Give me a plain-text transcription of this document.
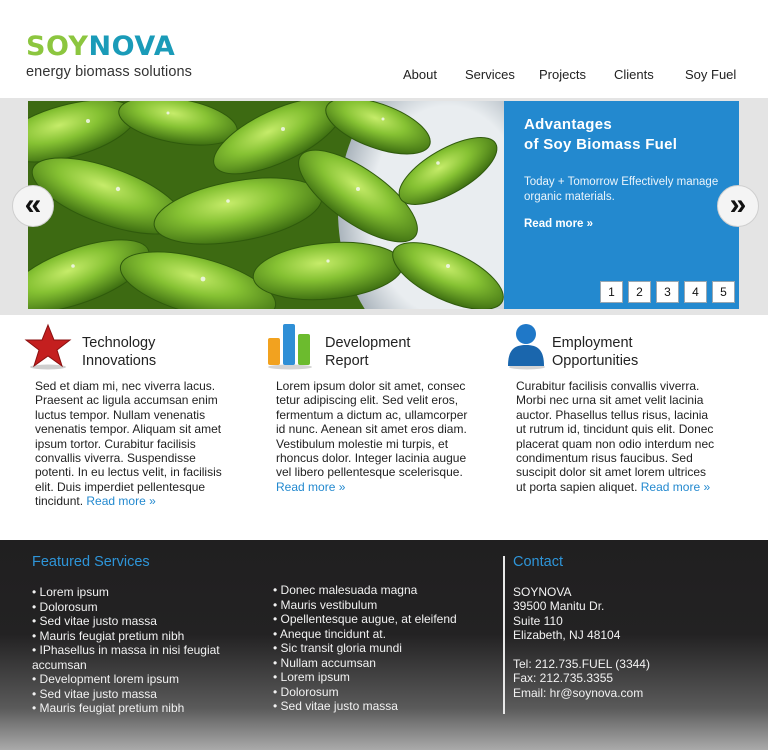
SOYNOVA
energy biomass solutions	About Services Projects Clients Soy Fuel
Advantages
of Soy Biomass Fuel
Today + Tomorrow Effectively manage organic materials.
Read more »
1 2 3 4 5
«	»
Technology
Innovations
Sed et diam mi, nec viverra lacus. Praesent ac ligula accumsan enim luctus tempor. Nullam venenatis venenatis tempor. Aliquam sit amet ipsum tortor. Curabitur facilisis convallis viverra. Suspendisse potenti. In eu lectus velit, in facilisis elit. Duis imperdiet pellentesque tincidunt. Read more »
Development
Report
Lorem ipsum dolor sit amet, consec tetur adipiscing elit. Sed velit eros, fermentum a dictum ac, ullamcorper id nunc. Aenean sit amet eros diam. Vestibulum molestie mi turpis, et rhoncus dolor. Integer lacinia augue vel libero pellentesque scelerisque.
Read more »
Employment
Opportunities
Curabitur facilisis convallis viverra. Morbi nec urna sit amet velit lacinia auctor. Phasellus tellus risus, lacinia ut rutrum id, tincidunt quis elit. Donec placerat quam non odio interdum nec condimentum risus faucibus. Sed suscipit dolor sit amet lorem ultrices ut porta sapien aliquet. Read more »
Featured Services
• Lorem ipsum
• Dolorosum
• Sed vitae justo massa
• Mauris feugiat pretium nibh
• IPhasellus in massa in nisi feugiat accumsan
• Development lorem ipsum
• Sed vitae justo massa
• Mauris feugiat pretium nibh
• Donec malesuada magna
• Mauris vestibulum
• Opellentesque augue, at eleifend
• Aneque tincidunt at.
• Sic transit gloria mundi
• Nullam accumsan
• Lorem ipsum
• Dolorosum
• Sed vitae justo massa
Contact
SOYNOVA
39500 Manitu Dr.
Suite 110
Elizabeth, NJ 48104
Tel: 212.735.FUEL (3344)
Fax: 212.735.3355
Email: hr@soynova.com
